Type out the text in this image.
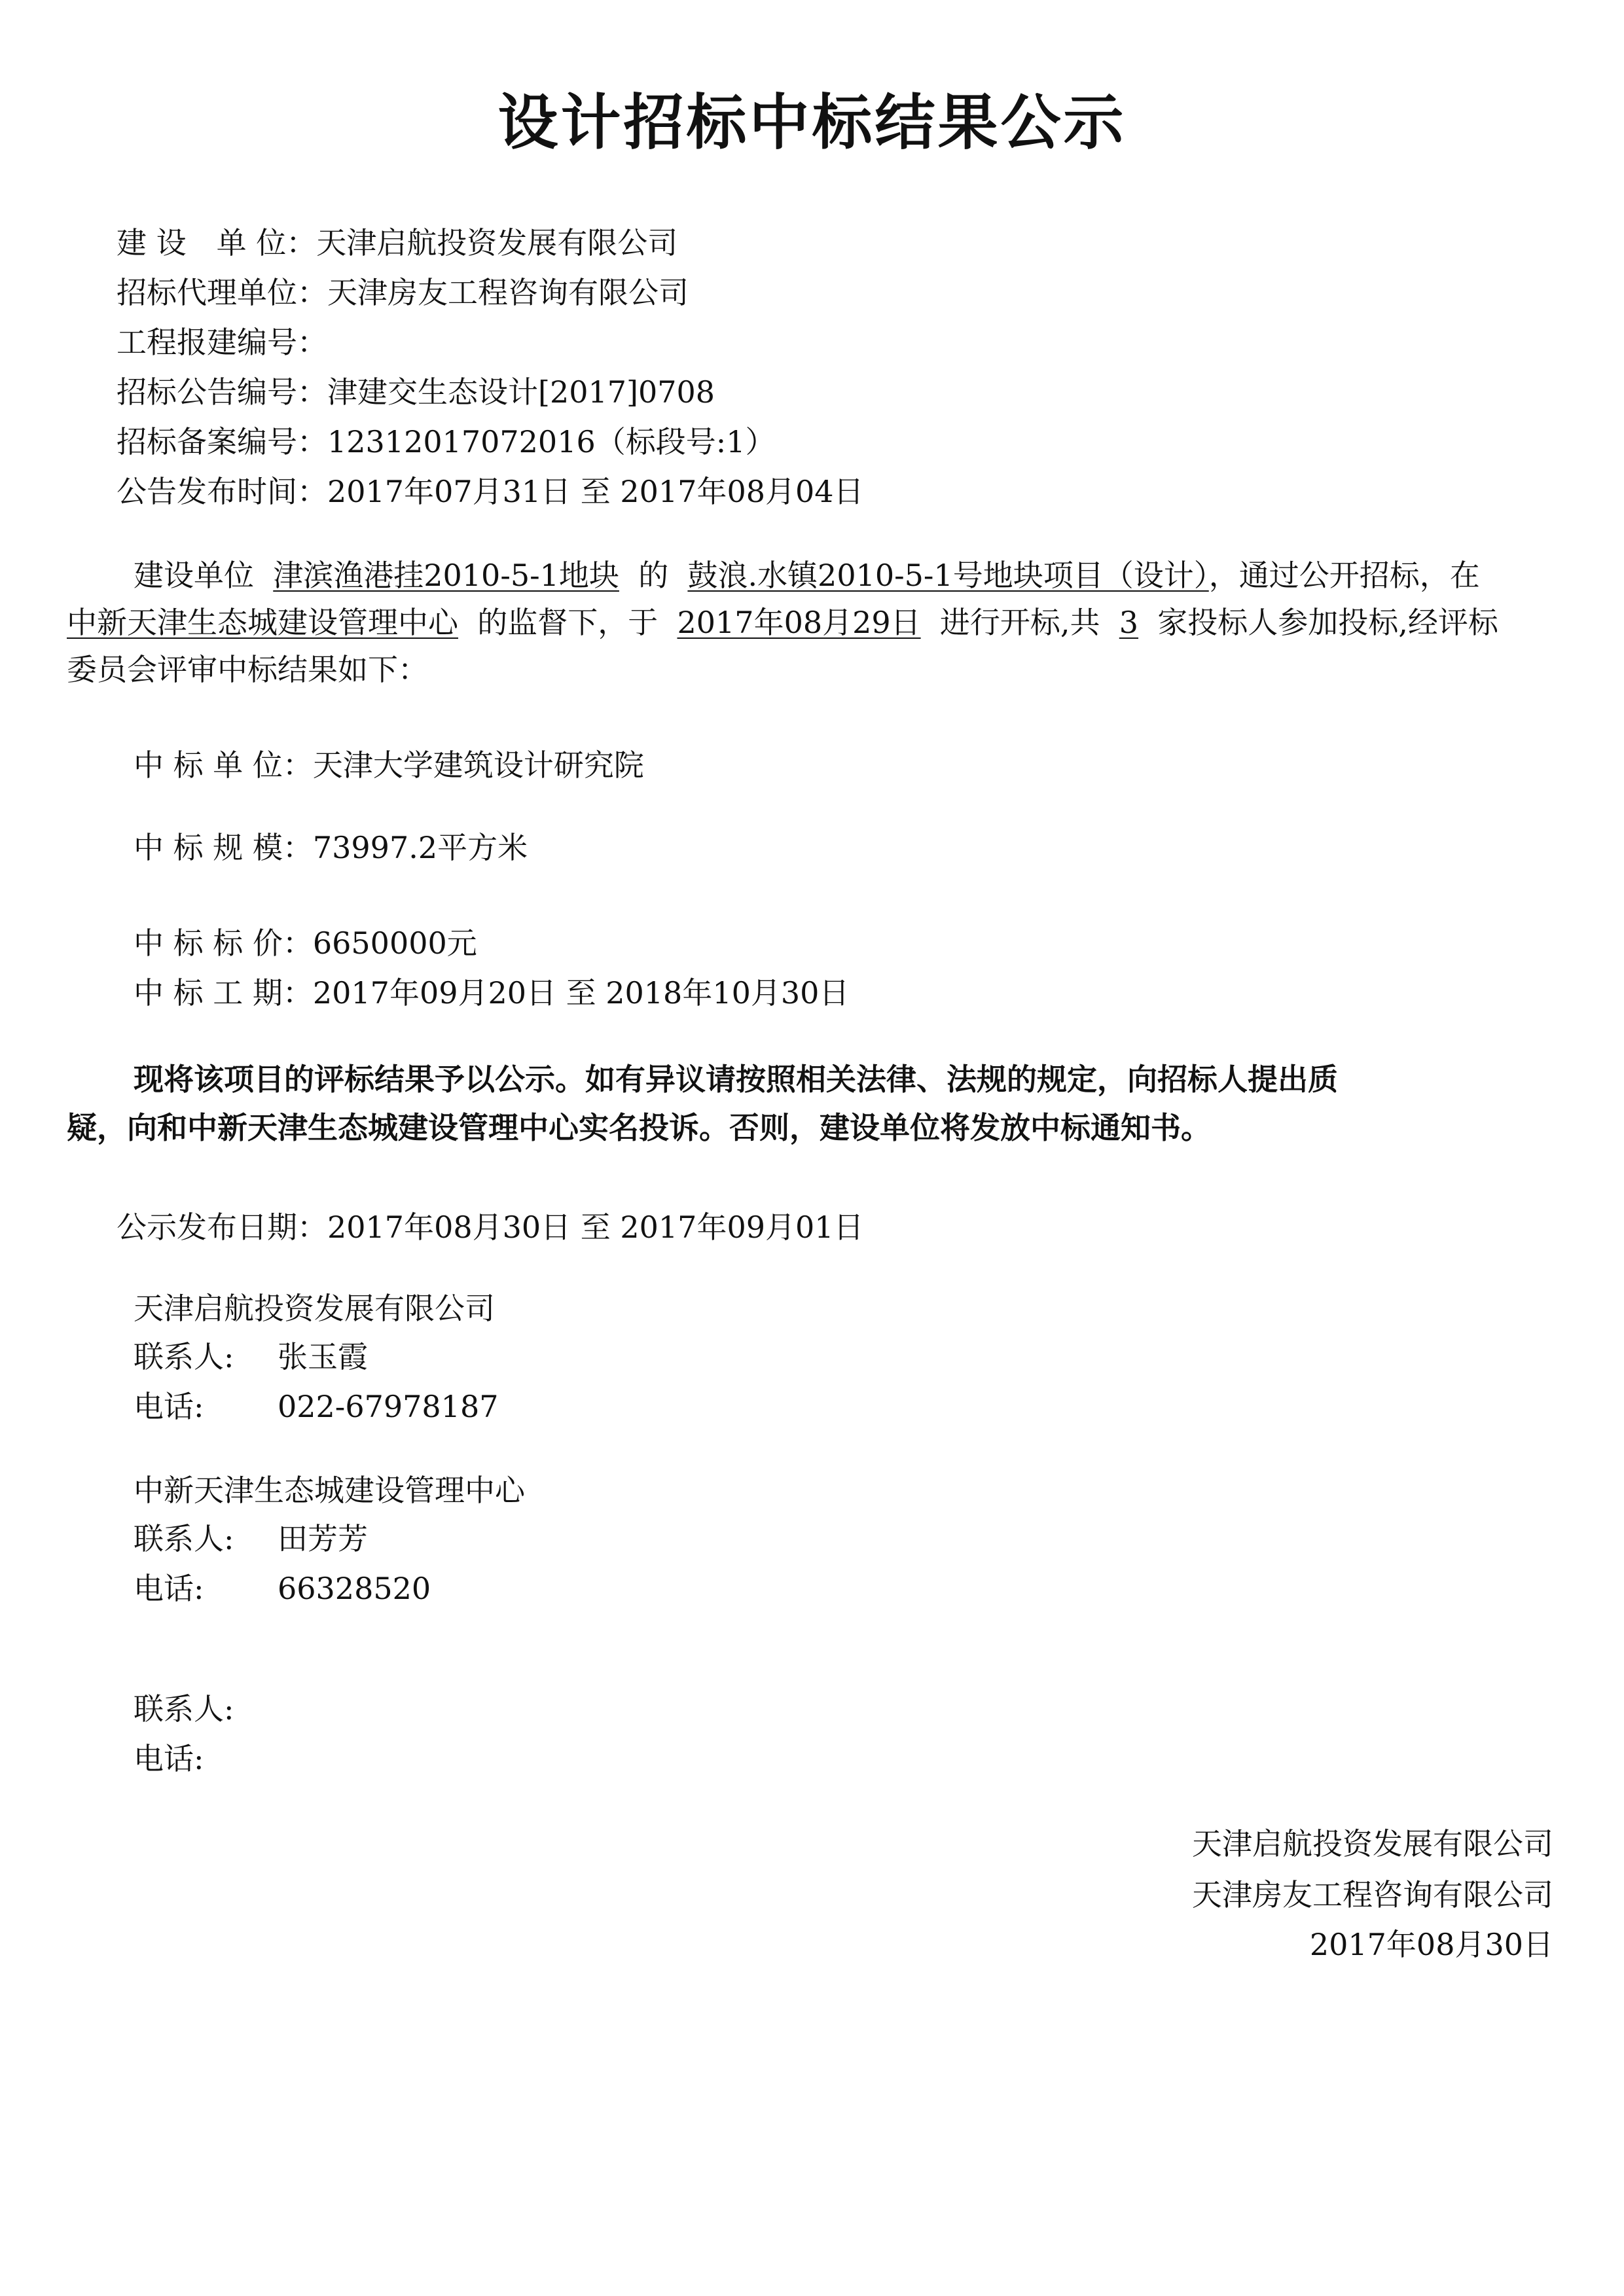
设计招标中标结果公示

建 设　单 位：天津启航投资发展有限公司

招标代理单位：天津房友工程咨询有限公司

工程报建编号：

招标公告编号：津建交生态设计[2017]0708

招标备案编号：12312017072016（标段号:1）

公告发布时间：2017年07月31日 至 2017年08月04日

建设单位 津滨渔港挂2010-5-1地块 的 鼓浪.水镇2010-5-1号地块项目（设计），通过公开招标，在

中新天津生态城建设管理中心 的监督下，于 2017年08月29日 进行开标,共 3 家投标人参加投标,经评标

委员会评审中标结果如下：

中 标 单 位：天津大学建筑设计研究院

中 标 规 模：73997.2平方米

中 标 标 价：6650000元

中 标 工 期：2017年09月20日 至 2018年10月30日

现将该项目的评标结果予以公示。如有异议请按照相关法律、法规的规定，向招标人提出质

疑，向和中新天津生态城建设管理中心实名投诉。否则，建设单位将发放中标通知书。

公示发布日期：2017年08月30日 至 2017年09月01日

天津启航投资发展有限公司

联系人: 张玉霞

电话: 022-67978187

中新天津生态城建设管理中心

联系人: 田芳芳

电话: 66328520

联系人:

电话:

天津启航投资发展有限公司

天津房友工程咨询有限公司

2017年08月30日
